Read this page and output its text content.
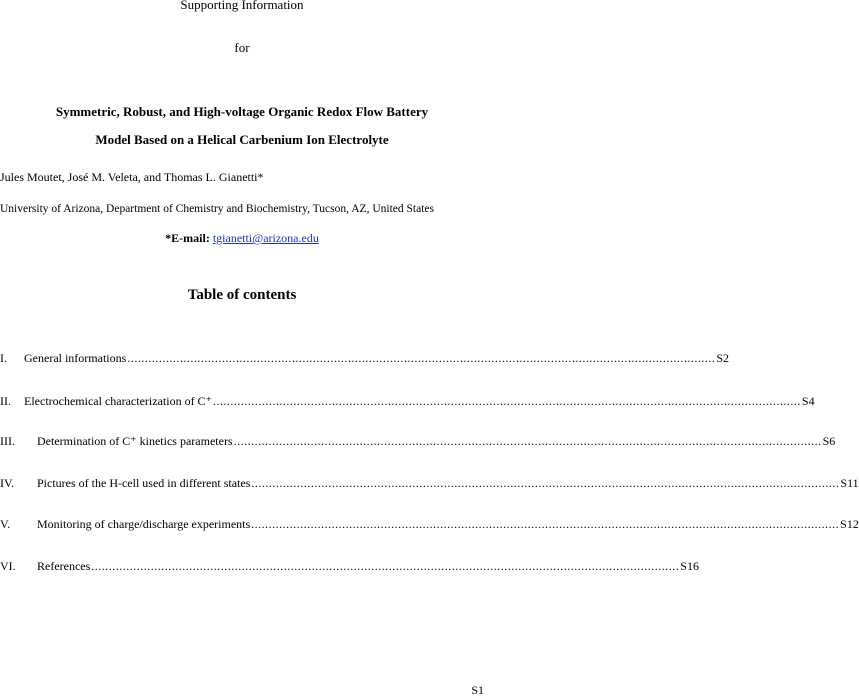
Supporting Information
for
Symmetric, Robust, and High-voltage Organic Redox Flow Battery
Model Based on a Helical Carbenium Ion Electrolyte
Jules Moutet, José M. Veleta, and Thomas L. Gianetti*
University of Arizona, Department of Chemistry and Biochemistry, Tucson, AZ, United States
*E-mail: tgianetti@arizona.edu
Table of contents
I. General informations ........................................................................................................................................................................ S2
II. Electrochemical characterization of C⁺ ........................................................................................................................................................................ S4
III. Determination of C⁺ kinetics parameters ........................................................................................................................................................................ S6
IV. Pictures of the H-cell used in different states ........................................................................................................................................................................ S11
V. Monitoring of charge/discharge experiments ........................................................................................................................................................................ S12
VI. References ........................................................................................................................................................................ S16
S1
